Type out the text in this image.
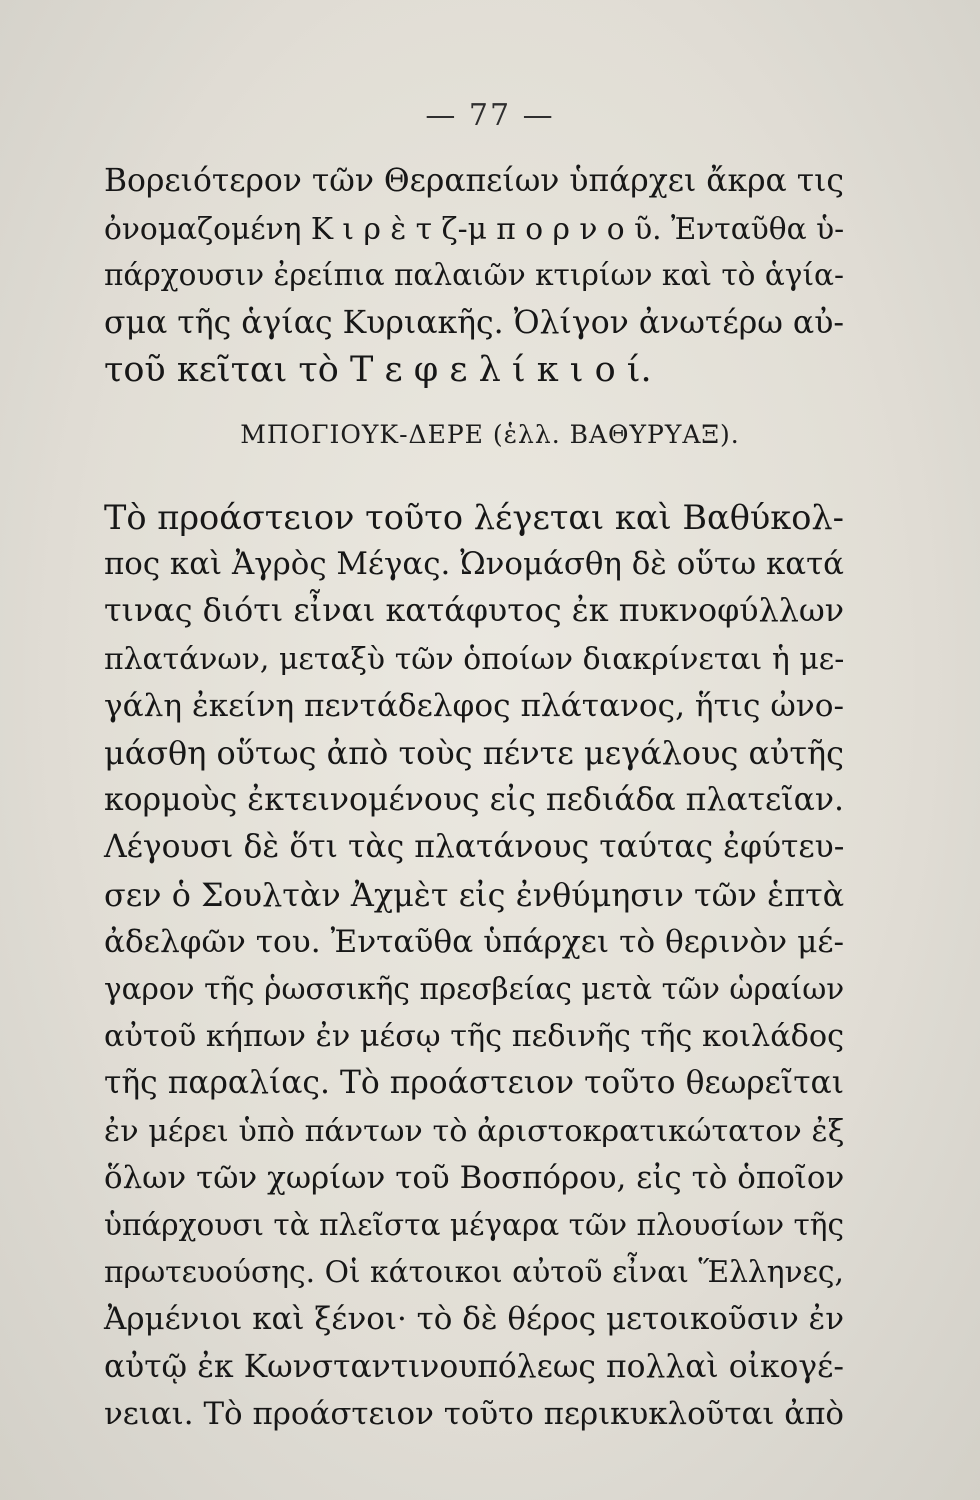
— 77 —
Βορειότερον τῶν Θεραπείων ὑπάρχει ἄκρα τις
ὀνομαζομένη Κ ι ρ ὲ τ ζ-μ π ο ρ ν ο ῦ. Ἐνταῦθα ὑ-
πάρχουσιν ἐρείπια παλαιῶν κτιρίων καὶ τὸ ἁγία-
σμα τῆς ἁγίας Κυριακῆς. Ὀλίγον ἀνωτέρω αὐ-
τοῦ κεῖται τὸ Τ ε φ ε λ ί κ ι ο ί.
ΜΠΟΓΙΟΥΚ-ΔΕΡΕ (ἑλλ. ΒΑΘΥΡΥΑΞ).
Τὸ προάστειον τοῦτο λέγεται καὶ Βαθύκολ-
πος καὶ Ἀγρὸς Μέγας. Ὠνομάσθη δὲ οὕτω κατά
τινας διότι εἶναι κατάφυτος ἐκ πυκνοφύλλων
πλατάνων, μεταξὺ τῶν ὁποίων διακρίνεται ἡ με-
γάλη ἐκείνη πεντάδελφος πλάτανος, ἥτις ὠνο-
μάσθη οὕτως ἀπὸ τοὺς πέντε μεγάλους αὐτῆς
κορμοὺς ἐκτεινομένους εἰς πεδιάδα πλατεῖαν.
Λέγουσι δὲ ὅτι τὰς πλατάνους ταύτας ἐφύτευ-
σεν ὁ Σουλτὰν Ἀχμὲτ εἰς ἐνθύμησιν τῶν ἑπτὰ
ἀδελφῶν του. Ἐνταῦθα ὑπάρχει τὸ θερινὸν μέ-
γαρον τῆς ῥωσσικῆς πρεσβείας μετὰ τῶν ὡραίων
αὐτοῦ κήπων ἐν μέσῳ τῆς πεδινῆς τῆς κοιλάδος
τῆς παραλίας. Τὸ προάστειον τοῦτο θεωρεῖται
ἐν μέρει ὑπὸ πάντων τὸ ἀριστοκρατικώτατον ἐξ
ὅλων τῶν χωρίων τοῦ Βοσπόρου, εἰς τὸ ὁποῖον
ὑπάρχουσι τὰ πλεῖστα μέγαρα τῶν πλουσίων τῆς
πρωτευούσης. Οἱ κάτοικοι αὐτοῦ εἶναι Ἕλληνες,
Ἀρμένιοι καὶ ξένοι· τὸ δὲ θέρος μετοικοῦσιν ἐν
αὐτῷ ἐκ Κωνσταντινουπόλεως πολλαὶ οἰκογέ-
νειαι. Τὸ προάστειον τοῦτο περικυκλοῦται ἀπὸ
